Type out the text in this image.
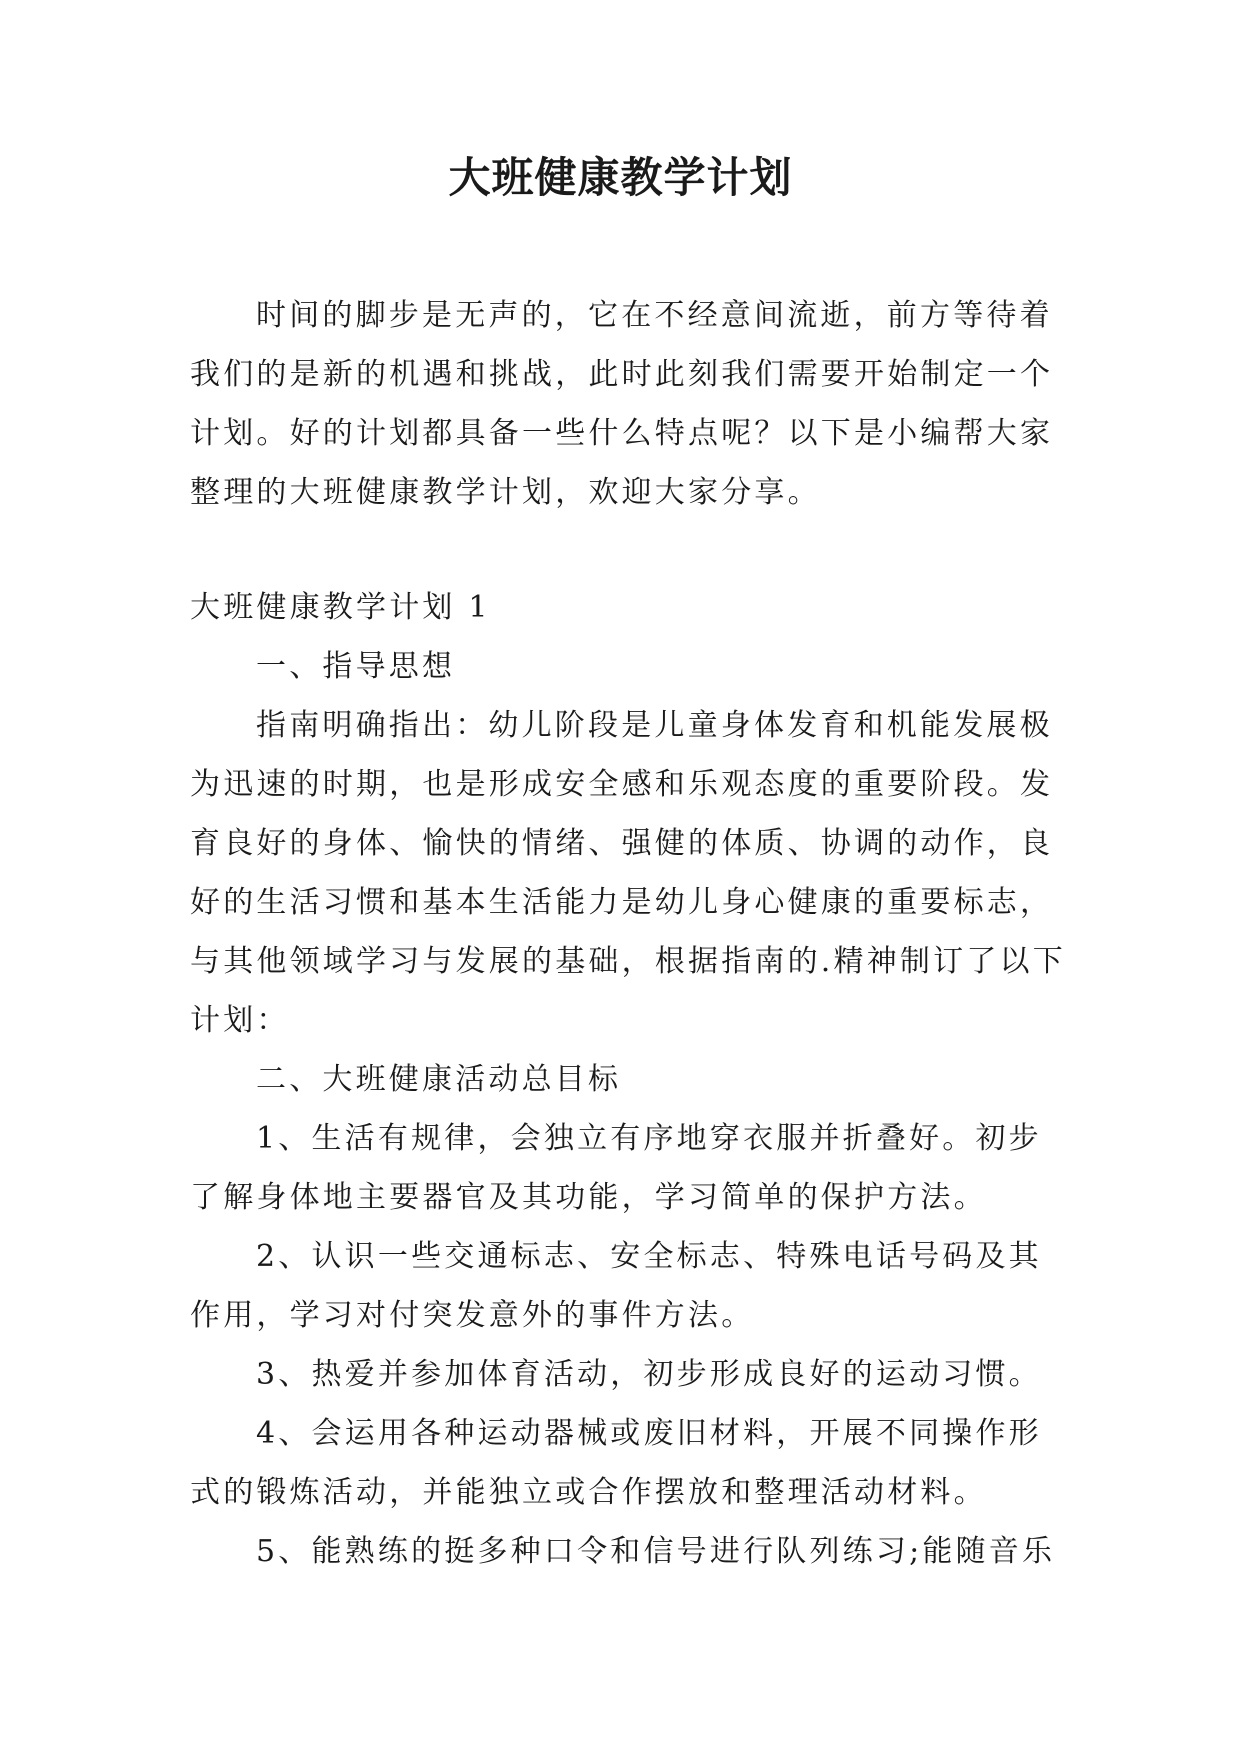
大班健康教学计划

时间的脚步是无声的，它在不经意间流逝，前方等待着我们的是新的机遇和挑战，此时此刻我们需要开始制定一个计划。好的计划都具备一些什么特点呢？以下是小编帮大家整理的大班健康教学计划，欢迎大家分享。

大班健康教学计划 1

一、指导思想

指南明确指出：幼儿阶段是儿童身体发育和机能发展极为迅速的时期，也是形成安全感和乐观态度的重要阶段。发育良好的身体、愉快的情绪、强健的体质、协调的动作，良好的生活习惯和基本生活能力是幼儿身心健康的重要标志，与其他领域学习与发展的基础，根据指南的.精神制订了以下计划：

二、大班健康活动总目标

1、生活有规律，会独立有序地穿衣服并折叠好。初步了解身体地主要器官及其功能，学习简单的保护方法。

2、认识一些交通标志、安全标志、特殊电话号码及其作用，学习对付突发意外的事件方法。

3、热爱并参加体育活动，初步形成良好的运动习惯。

4、会运用各种运动器械或废旧材料，开展不同操作形式的锻炼活动，并能独立或合作摆放和整理活动材料。

5、能熟练的挺多种口令和信号进行队列练习;能随音乐
